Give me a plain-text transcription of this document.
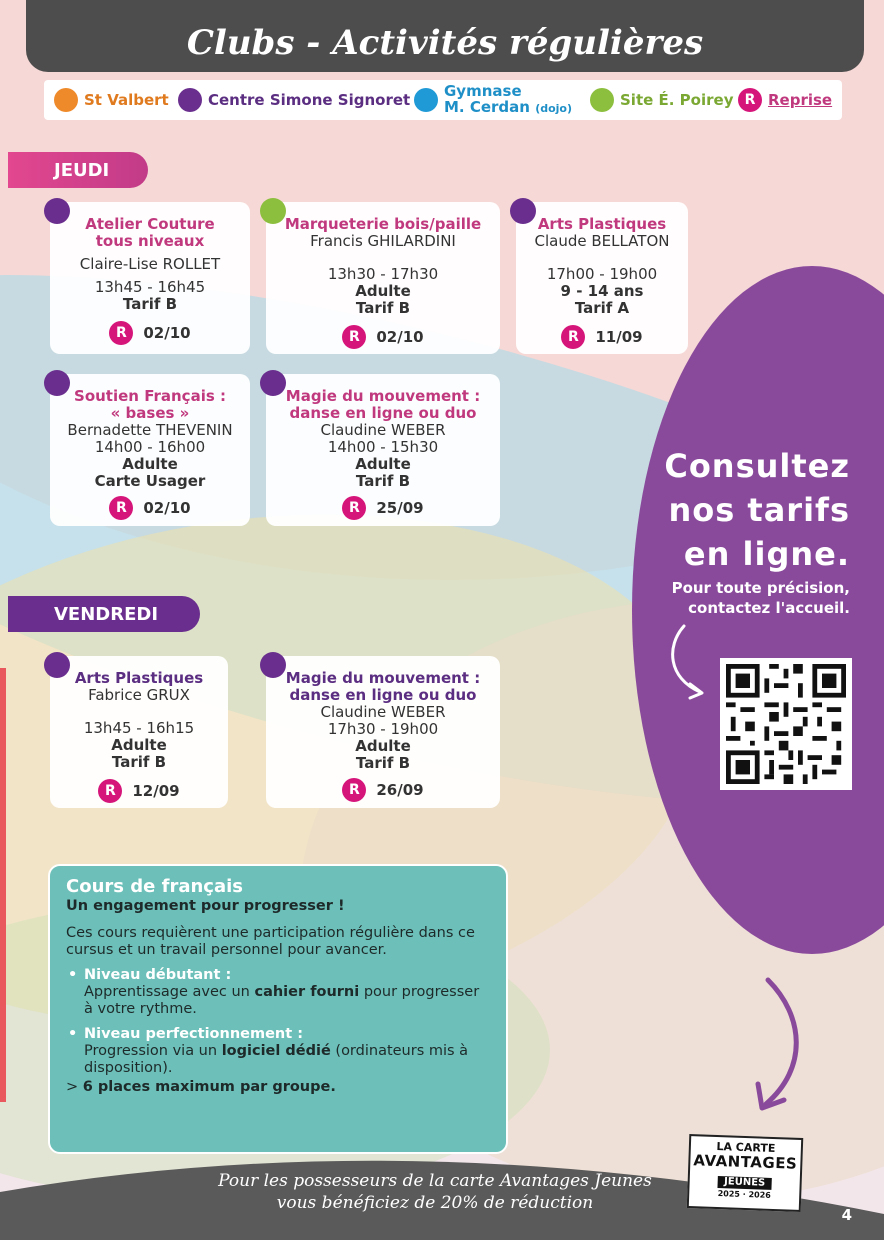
Clubs - Activités régulières
St Valbert	Centre Simone Signoret Gymnase
M. Cerdan (dojo)	Site É. Poirey R Reprise
JEUDI
Atelier Couture
tous niveaux
Claire-Lise ROLLET
13h45 - 16h45
Tarif B
R	02/10
Marqueterie bois/paille
Francis GHILARDINI
13h30 - 17h30
Adulte
Tarif B
R	02/10
Arts Plastiques
Claude BELLATON
17h00 - 19h00
9 - 14 ans
Tarif A
R	11/09
Soutien Français :
« bases »
Bernadette THEVENIN
14h00 - 16h00
Adulte
Carte Usager
R	02/10
Magie du mouvement :
danse en ligne ou duo
Claudine WEBER
14h00 - 15h30
Adulte
Tarif B
R	25/09
VENDREDI
Arts Plastiques
Fabrice GRUX
13h45 - 16h15
Adulte
Tarif B
R	12/09
Magie du mouvement :
danse en ligne ou duo
Claudine WEBER
17h30 - 19h00
Adulte
Tarif B
R	26/09
Consultez
nos tarifs
en ligne.
Pour toute précision,
contactez l'accueil.
Cours de français
Un engagement pour progresser !

Ces cours requièrent une participation régulière dans ce cursus et un travail personnel pour avancer.

• Niveau débutant :
Apprentissage avec un cahier fourni pour progresser à votre rythme.
• Niveau perfectionnement :
Progression via un logiciel dédié (ordinateurs mis à disposition).
> 6 places maximum par groupe.
Pour les possesseurs de la carte Avantages Jeunes
vous bénéficiez de 20% de réduction
LA CARTE
AVANTAGES
JEUNES
2025 · 2026
4
